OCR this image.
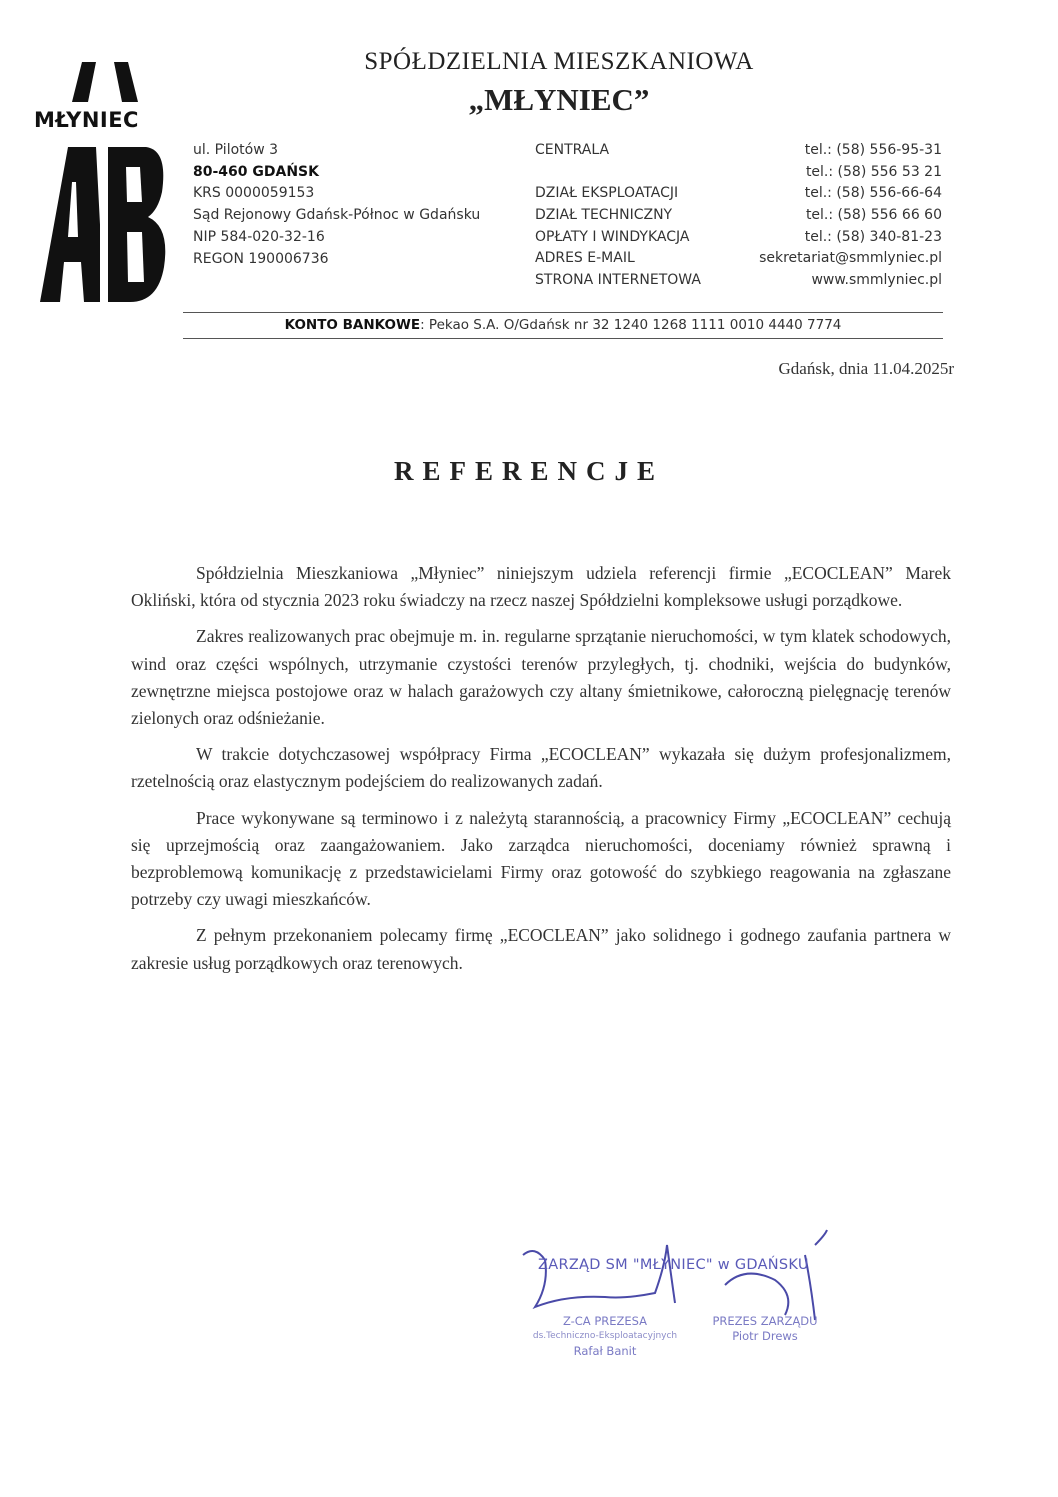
MŁYNIEC
SPÓŁDZIELNIA MIESZKANIOWA
„MŁYNIEC”
ul. Pilotów 3
80-460 GDAŃSK
KRS 0000059153
Sąd Rejonowy Gdańsk-Północ w Gdańsku
NIP 584-020-32-16
REGON 190006736
CENTRALA
DZIAŁ EKSPLOATACJI
DZIAŁ TECHNICZNY
OPŁATY I WINDYKACJA
ADRES E-MAIL
STRONA INTERNETOWA
tel.: (58) 556-95-31
tel.: (58) 556 53 21
tel.: (58) 556-66-64
tel.: (58) 556 66 60
tel.: (58) 340-81-23
sekretariat@smmlyniec.pl
www.smmlyniec.pl
KONTO BANKOWE: Pekao S.A. O/Gdańsk nr 32 1240 1268 1111 0010 4440 7774
Gdańsk, dnia 11.04.2025r
REFERENCJE

Spółdzielnia Mieszkaniowa „Młyniec” niniejszym udziela referencji firmie „ECOCLEAN” Marek Okliński, która od stycznia 2023 roku świadczy na rzecz naszej Spółdzielni kompleksowe usługi porządkowe.

Zakres realizowanych prac obejmuje m. in. regularne sprzątanie nieruchomości, w tym klatek schodowych, wind oraz części wspólnych, utrzymanie czystości terenów przyległych, tj. chodniki, wejścia do budynków, zewnętrzne miejsca postojowe oraz w halach garażowych czy altany śmietnikowe, całoroczną pielęgnację terenów zielonych oraz odśnieżanie.

W trakcie dotychczasowej współpracy Firma „ECOCLEAN” wykazała się dużym profesjonalizmem, rzetelnością oraz elastycznym podejściem do realizowanych zadań.

Prace wykonywane są terminowo i z należytą starannością, a pracownicy Firmy „ECOCLEAN” cechują się uprzejmością oraz zaangażowaniem. Jako zarządca nieruchomości, doceniamy również sprawną i bezproblemową komunikację z przedstawicielami Firmy oraz gotowość do szybkiego reagowania na zgłaszane potrzeby czy uwagi mieszkańców.

Z pełnym przekonaniem polecamy firmę „ECOCLEAN” jako solidnego i godnego zaufania partnera w zakresie usług porządkowych oraz terenowych.

ZARZĄD SM "MŁYNIEC" w GDAŃSKU
Z-CA PREZESA
ds.Techniczno-Eksploatacyjnych
Rafał Banit
PREZES ZARZĄDU
Piotr Drews
